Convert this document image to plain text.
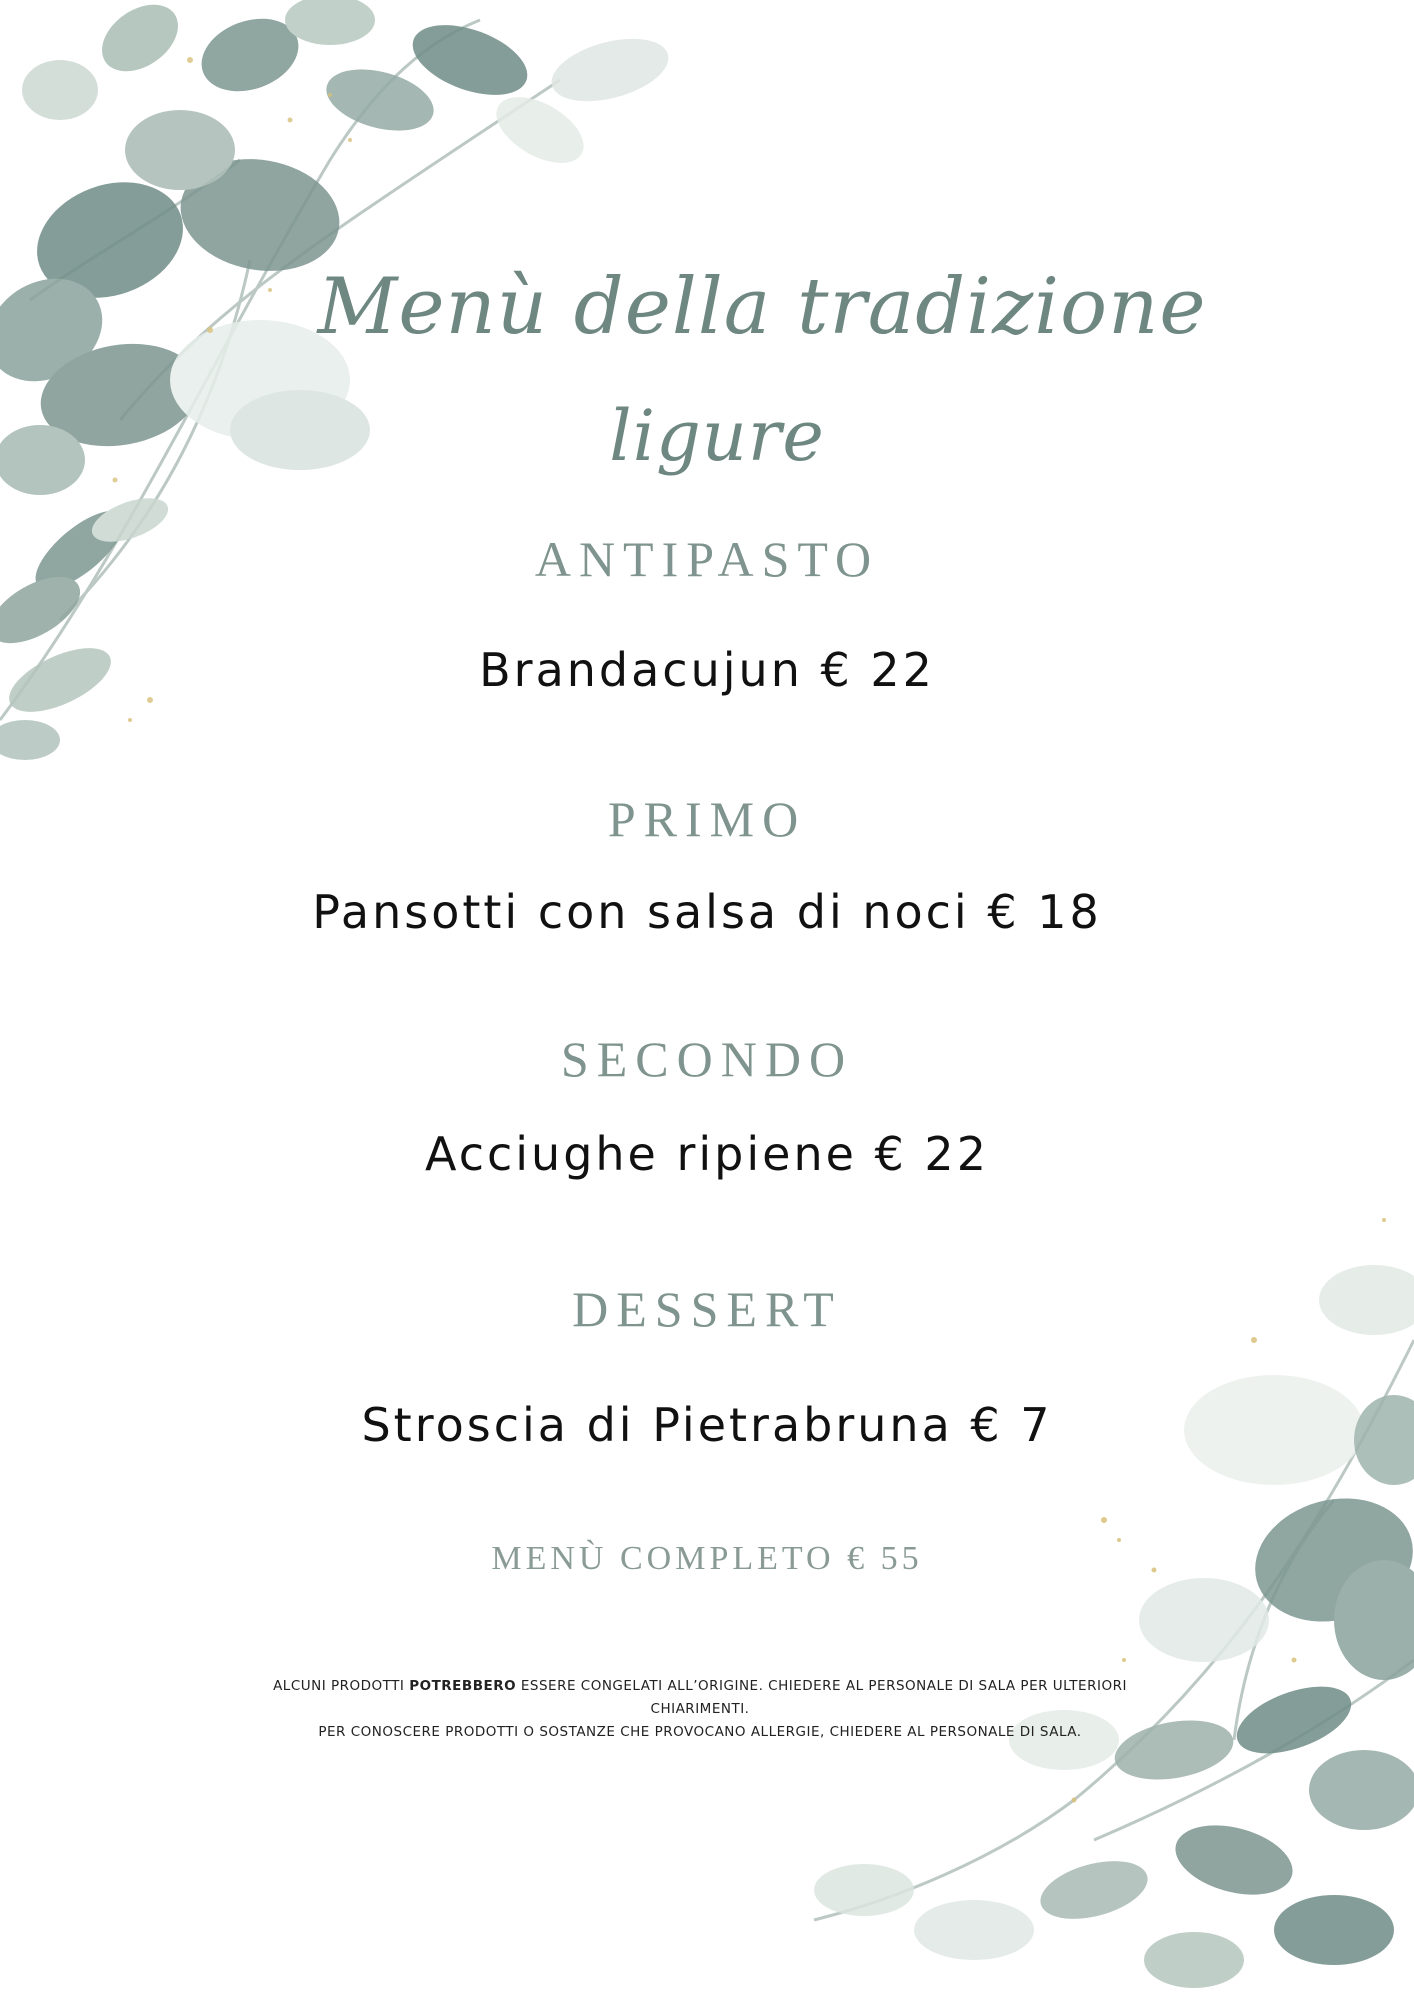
Menù della tradizione
ligure
ANTIPASTO
Brandacujun € 22
PRIMO
Pansotti con salsa di noci € 18
SECONDO
Acciughe ripiene € 22
DESSERT
Stroscia di Pietrabruna € 7
MENÙ COMPLETO € 55
ALCUNI PRODOTTI POTREBBERO ESSERE CONGELATI ALL’ORIGINE. CHIEDERE AL PERSONALE DI SALA PER ULTERIORI CHIARIMENTI.
PER CONOSCERE PRODOTTI O SOSTANZE CHE PROVOCANO ALLERGIE, CHIEDERE AL PERSONALE DI SALA.
